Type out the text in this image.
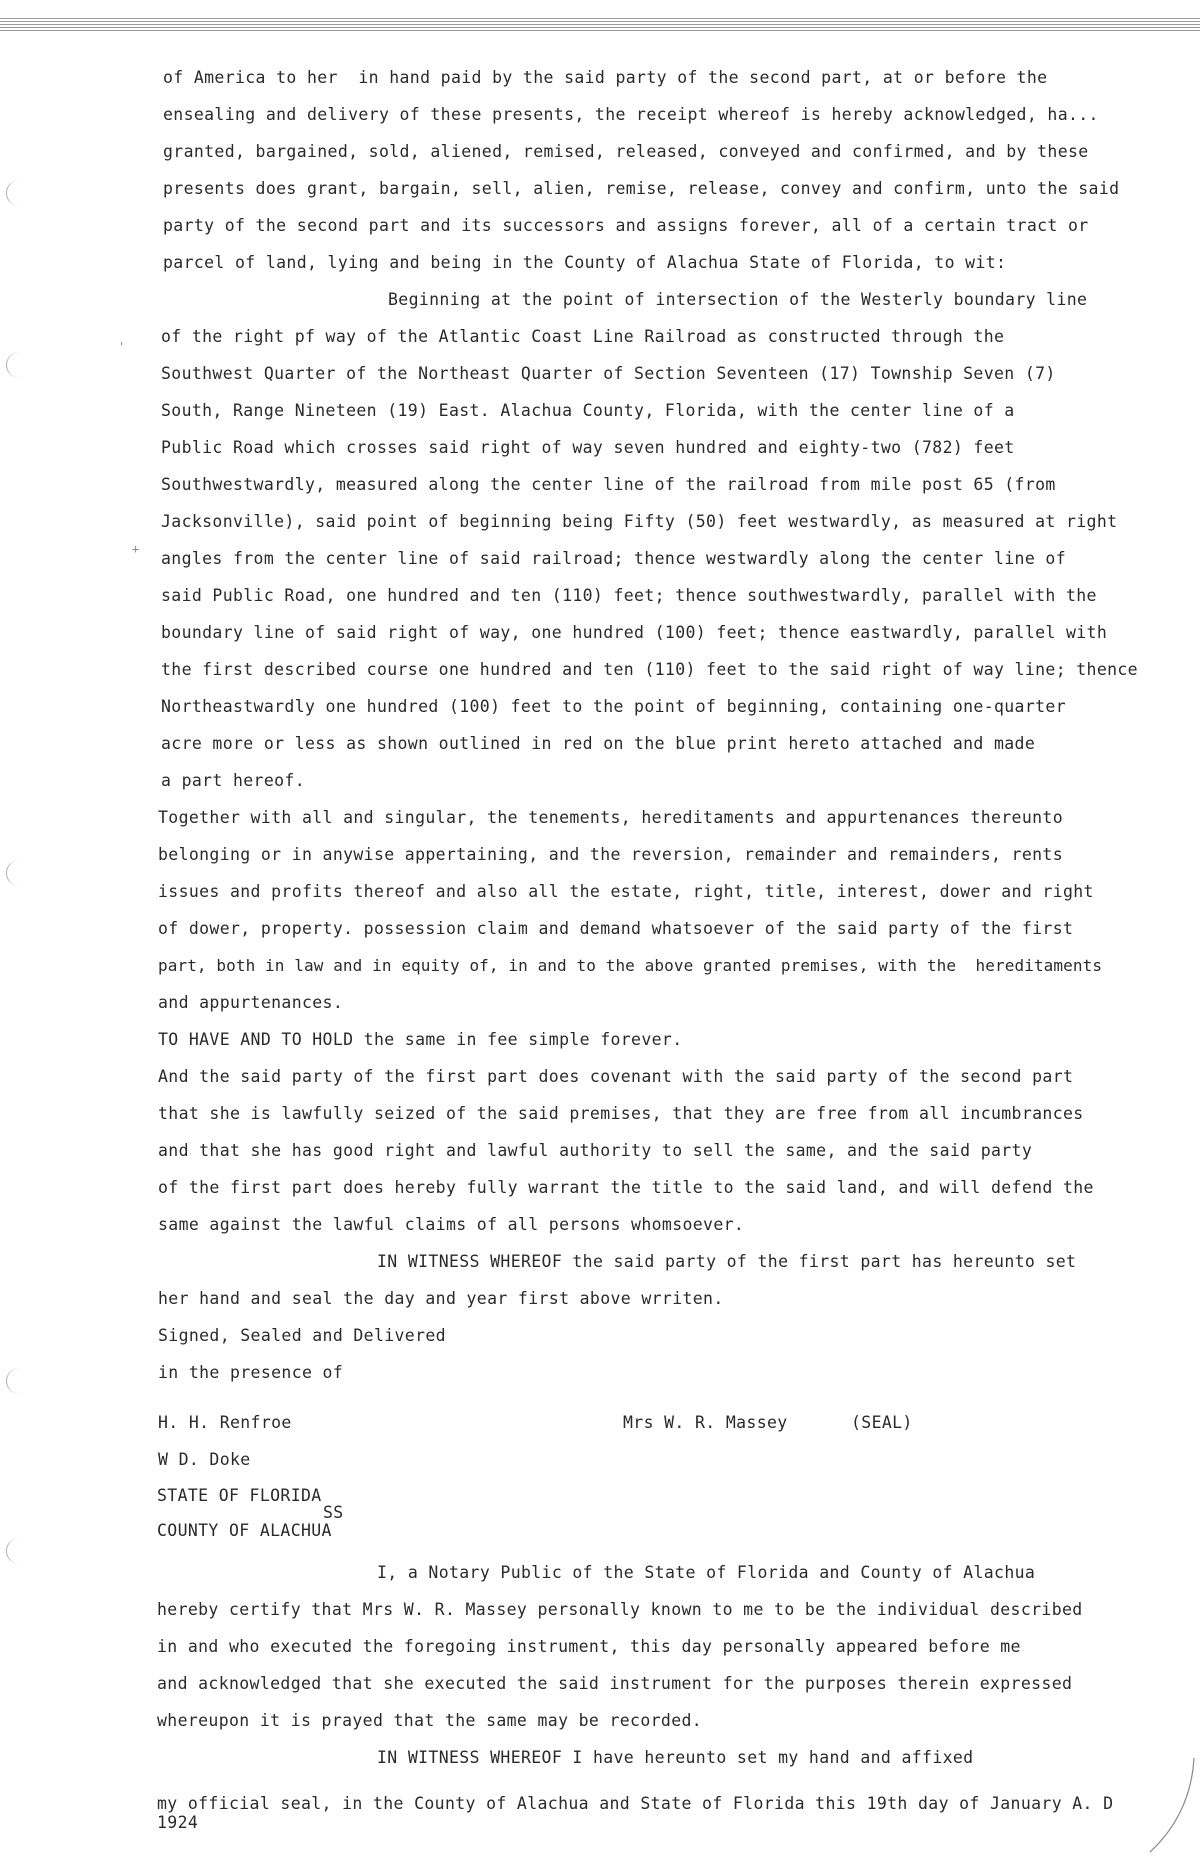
'
+
of America to her  in hand paid by the said party of the second part, at or before the
ensealing and delivery of these presents, the receipt whereof is hereby acknowledged, ha...
granted, bargained, sold, aliened, remised, released, conveyed and confirmed, and by these
presents does grant, bargain, sell, alien, remise, release, convey and confirm, unto the said
party of the second part and its successors and assigns forever, all of a certain tract or
parcel of land, lying and being in the County of Alachua State of Florida, to wit:
Beginning at the point of intersection of the Westerly boundary line
of the right pf way of the Atlantic Coast Line Railroad as constructed through the
Southwest Quarter of the Northeast Quarter of Section Seventeen (17) Township Seven (7)
South, Range Nineteen (19) East. Alachua County, Florida, with the center line of a
Public Road which crosses said right of way seven hundred and eighty-two (782) feet
Southwestwardly, measured along the center line of the railroad from mile post 65 (from
Jacksonville), said point of beginning being Fifty (50) feet westwardly, as measured at right
angles from the center line of said railroad; thence westwardly along the center line of
said Public Road, one hundred and ten (110) feet; thence southwestwardly, parallel with the
boundary line of said right of way, one hundred (100) feet; thence eastwardly, parallel with
the first described course one hundred and ten (110) feet to the said right of way line; thence
Northeastwardly one hundred (100) feet to the point of beginning, containing one-quarter
acre more or less as shown outlined in red on the blue print hereto attached and made
a part hereof.
Together with all and singular, the tenements, hereditaments and appurtenances thereunto
belonging or in anywise appertaining, and the reversion, remainder and remainders, rents
issues and profits thereof and also all the estate, right, title, interest, dower and right
of dower, property. possession claim and demand whatsoever of the said party of the first
part, both in law and in equity of, in and to the above granted premises, with the  hereditaments
and appurtenances.
TO HAVE AND TO HOLD the same in fee simple forever.
And the said party of the first part does covenant with the said party of the second part
that she is lawfully seized of the said premises, that they are free from all incumbrances
and that she has good right and lawful authority to sell the same, and the said party
of the first part does hereby fully warrant the title to the said land, and will defend the
same against the lawful claims of all persons whomsoever.
IN WITNESS WHEREOF the said party of the first part has hereunto set
her hand and seal the day and year first above wrriten.
Signed, Sealed and Delivered
in the presence of
H. H. Renfroe	Mrs W. R. Massey	(SEAL)
W D. Doke
STATE OF FLORIDA
SS
COUNTY OF ALACHUA
I, a Notary Public of the State of Florida and County of Alachua
hereby certify that Mrs W. R. Massey personally known to me to be the individual described
in and who executed the foregoing instrument, this day personally appeared before me
and acknowledged that she executed the said instrument for the purposes therein expressed
whereupon it is prayed that the same may be recorded.
IN WITNESS WHEREOF I have hereunto set my hand and affixed
my official seal, in the County of Alachua and State of Florida this 19th day of January A. D
1924
